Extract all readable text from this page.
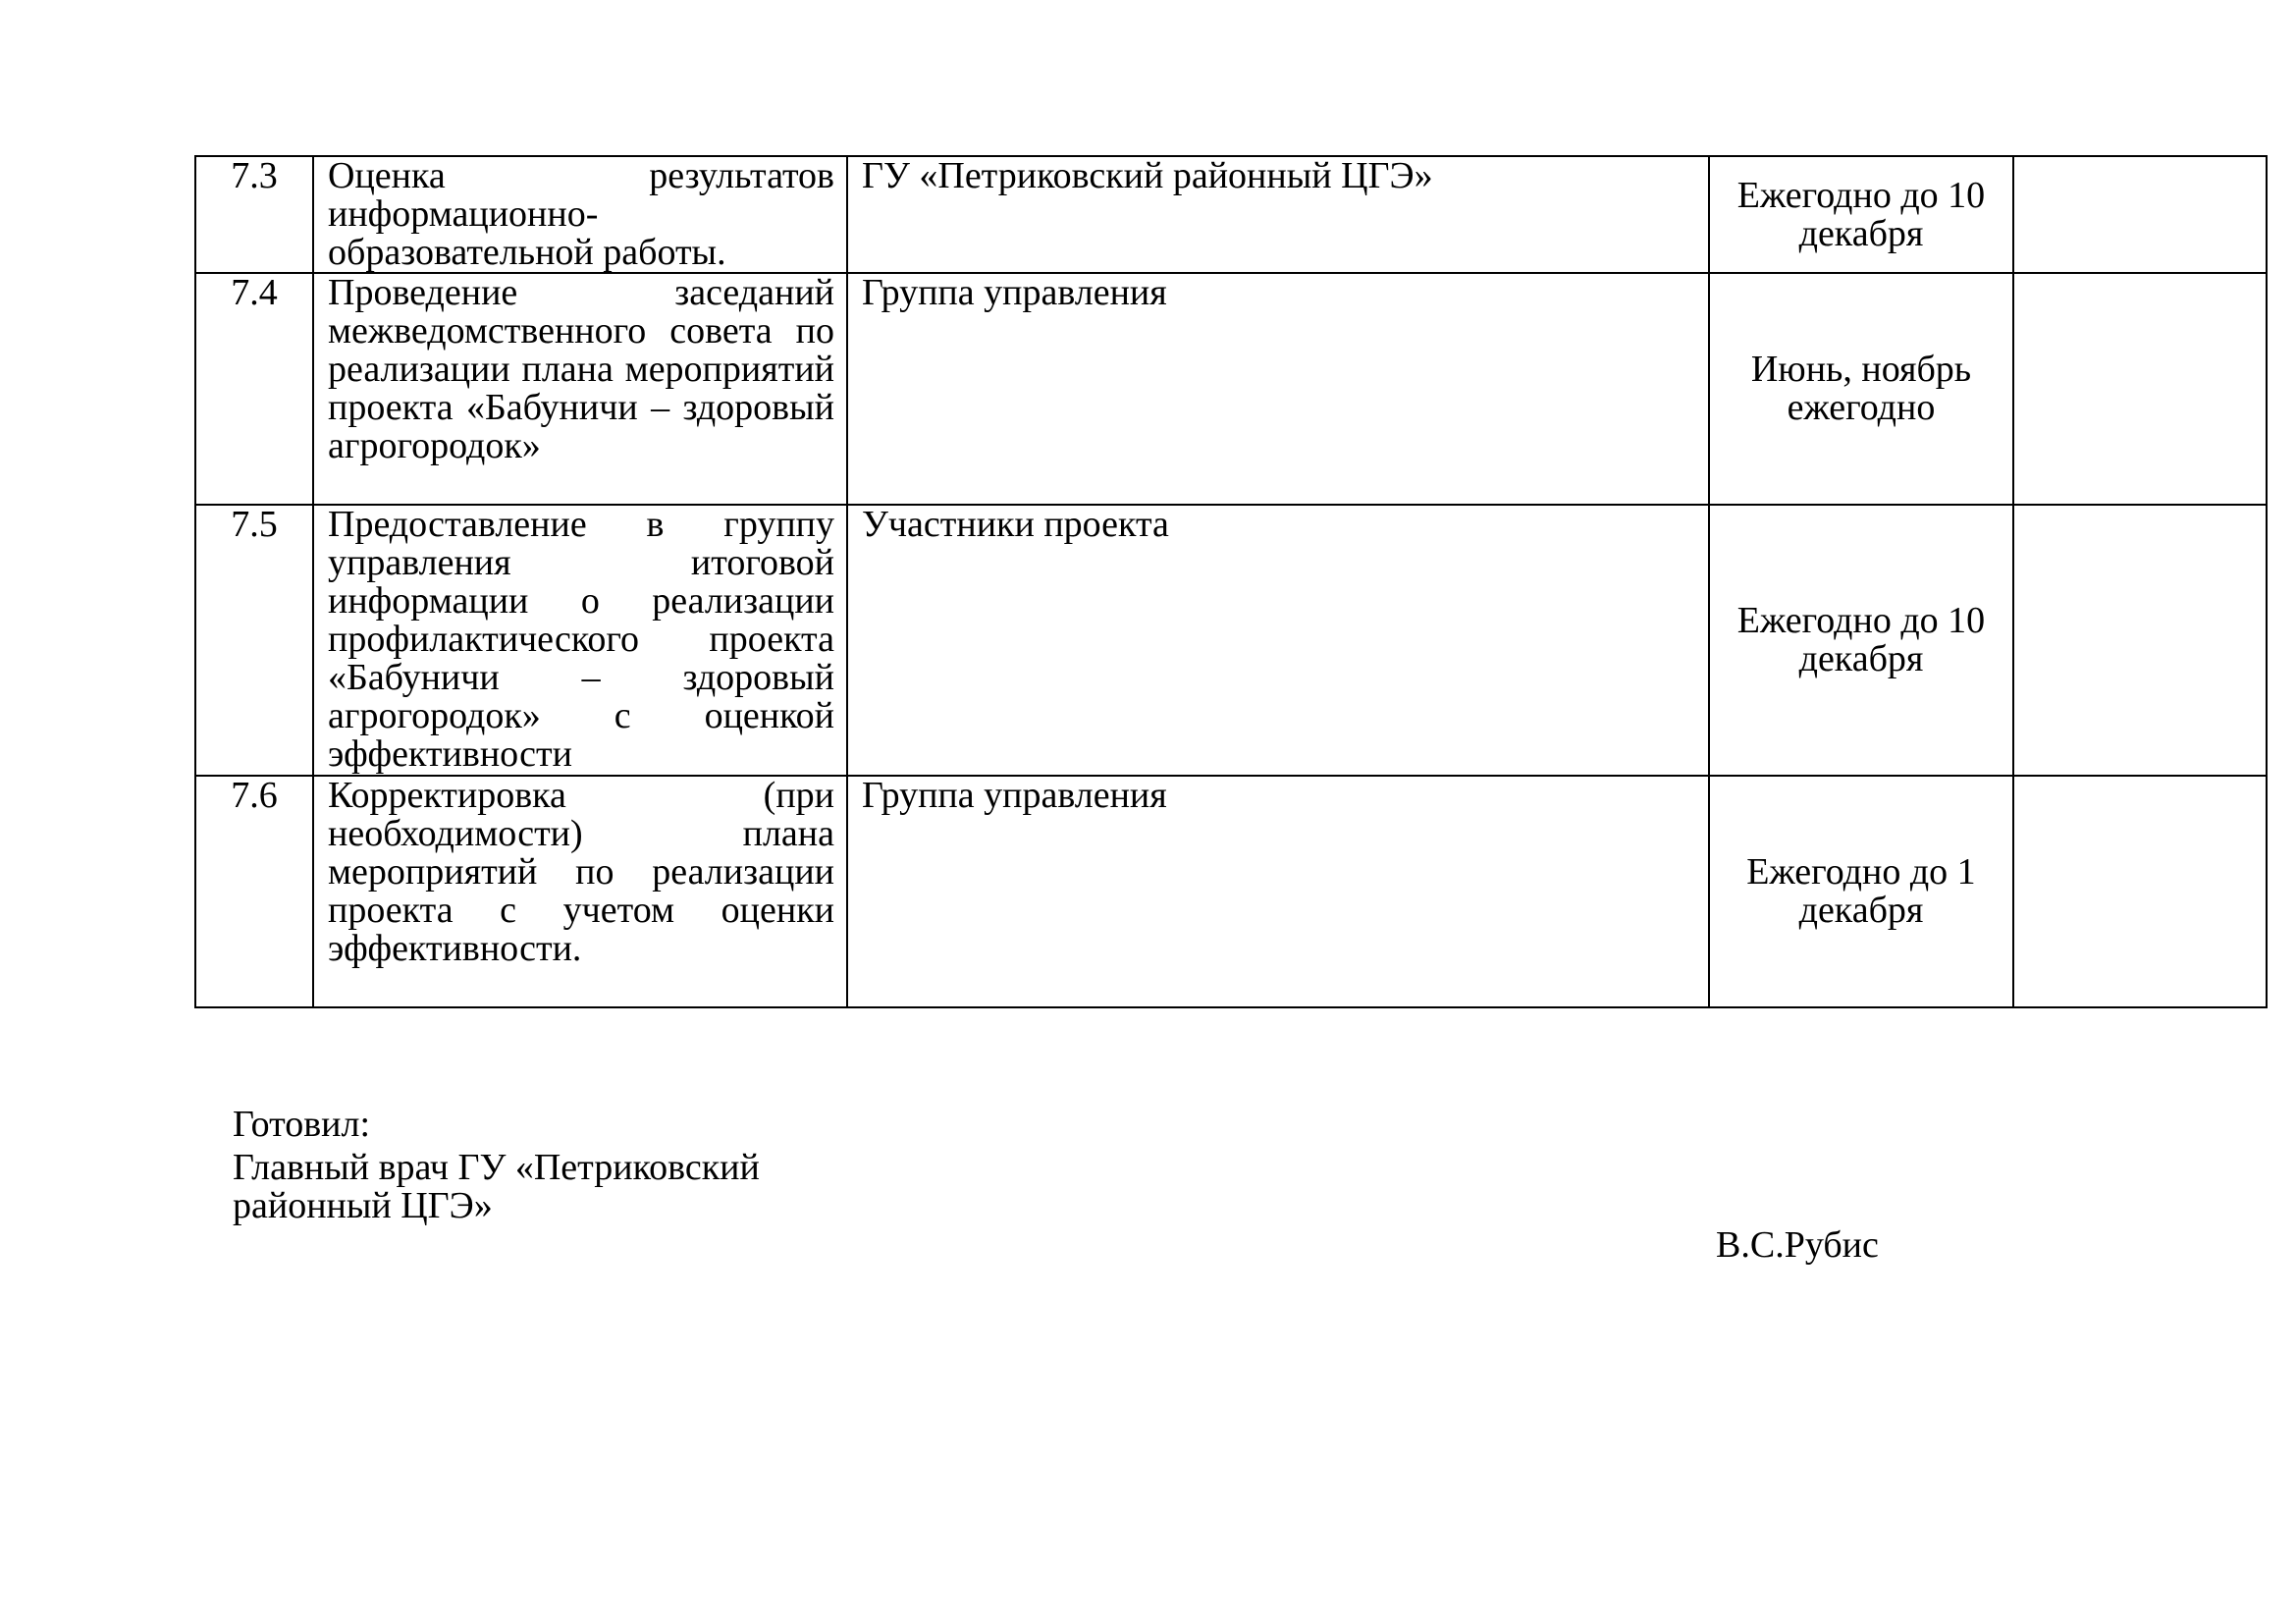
7.3	Оценка результатов информационно-образовательной работы.	ГУ «Петриковский районный ЦГЭ»	Ежегодно до 10 декабря	

7.4	Проведение заседаний межведомственного совета по реализации плана мероприятий проекта «Бабуничи – здоровый агрогородок»	Группа управления	Июнь, ноябрь ежегодно	

7.5	Предоставление в группу управления итоговой информации о реализации профилактического проекта «Бабуничи – здоровый агрогородок» с оценкой эффективности	Участники проекта	Ежегодно до 10 декабря	

7.6	Корректировка (при необходимости) плана мероприятий по реализации проекта с учетом оценки эффективности.	Группа управления	Ежегодно до 1 декабря	

Готовил:
Главный врач ГУ «Петриковский
районный ЦГЭ»
В.С.Рубис
